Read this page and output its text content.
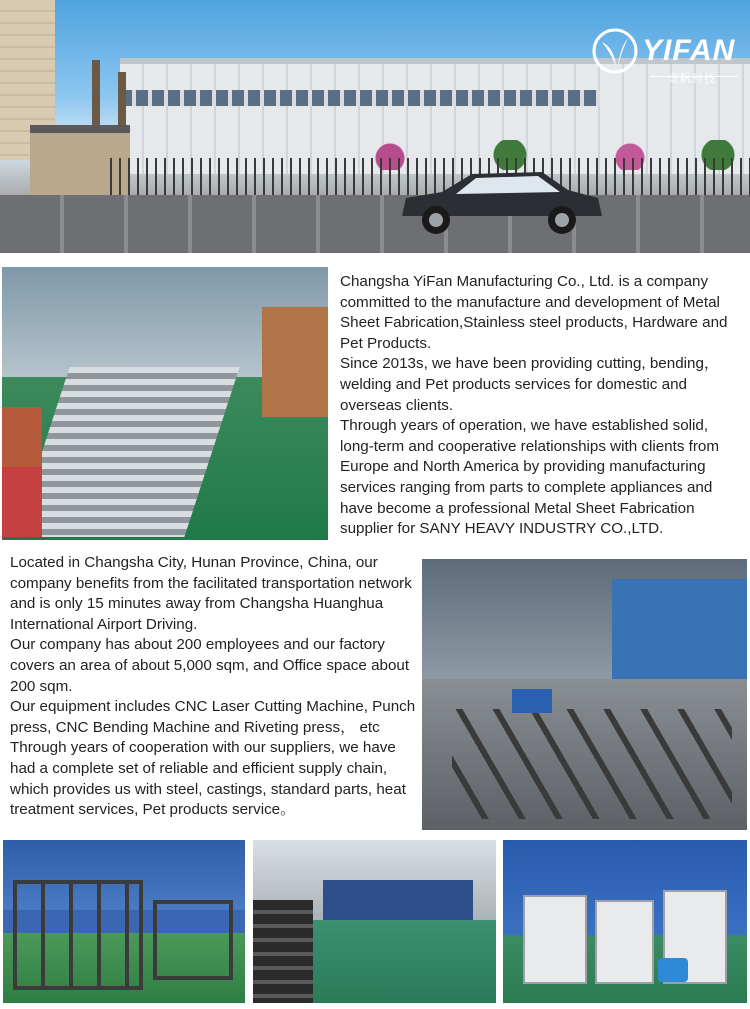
YIFAN
壹帆科技

Changsha YiFan Manufacturing Co., Ltd. is a company committed to the manufacture and development of Metal Sheet Fabrication,Stainless steel products, Hardware and Pet Products.

Since 2013s, we have been providing cutting, bending， welding and Pet products services for domestic and overseas clients.

Through years of operation, we have established solid, long-term and cooperative relationships with clients from Europe and North America by providing manufacturing services ranging from parts to complete appliances and have become a professional Metal Sheet Fabrication supplier for SANY HEAVY INDUSTRY CO.,LTD.

Located in Changsha City, Hunan Province, China, our company benefits from the facilitated transportation network and is only 15 minutes away from Changsha Huanghua International Airport Driving.

Our company has about 200 employees and our factory covers an area of about 5,000 sqm, and Office space about 200 sqm.

Our equipment includes CNC Laser Cutting Machine, Punch press, CNC Bending Machine and Riveting press， etc

Through years of cooperation with our suppliers, we have had a complete set of reliable and efficient supply chain, which provides us with steel, castings, standard parts, heat treatment services, Pet products service。
